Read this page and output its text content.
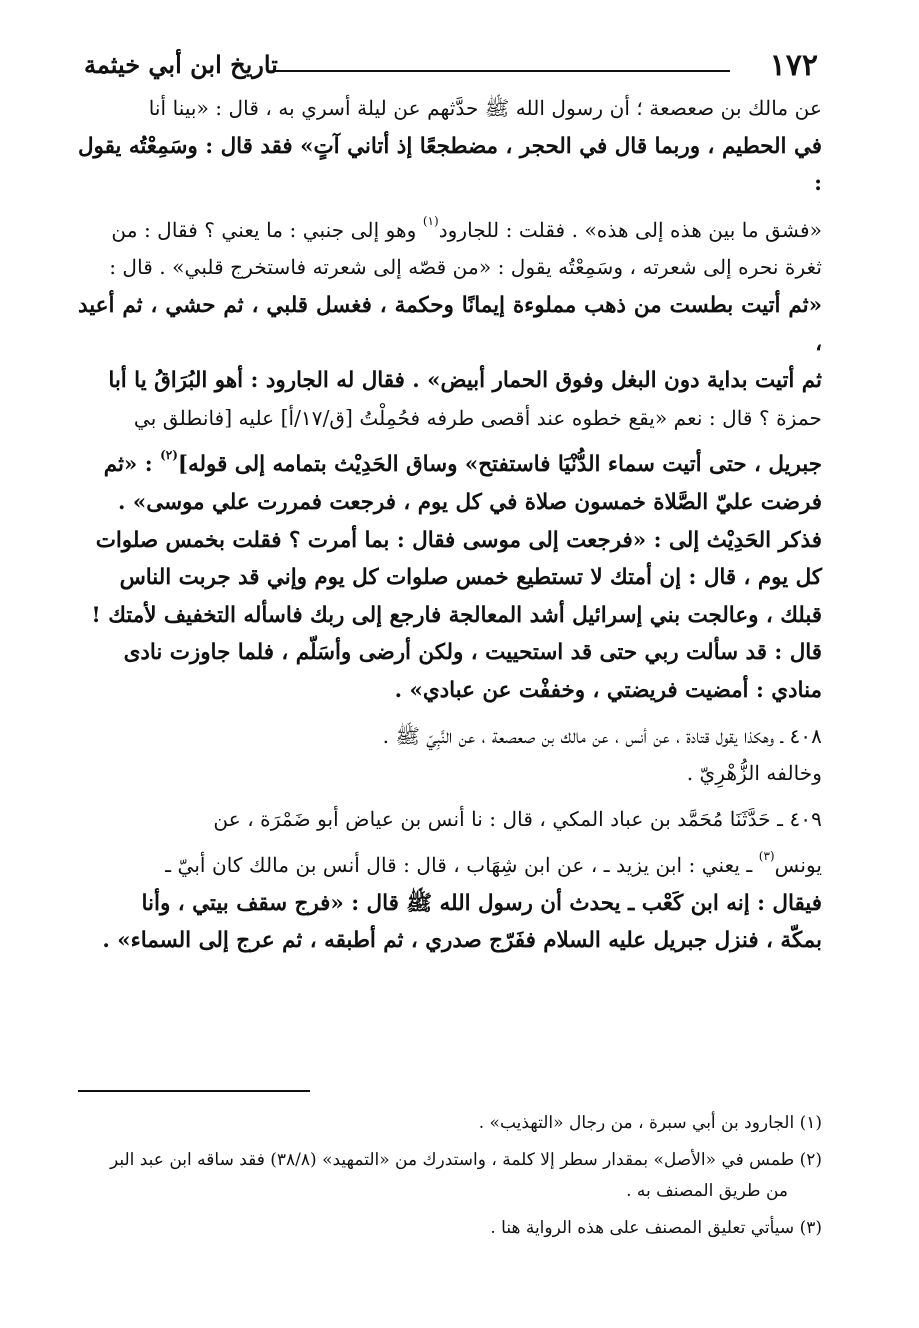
١٧٢
تاريخ ابن أبي خيثمة

عن مالك بن صعصعة ؛ أن رسول الله ﷺ حدَّثهم عن ليلة أسري به ، قال : «بينا أنا

في الحطيم ، وربما قال في الحجر ، مضطجعًا إذ أتاني آتٍ» فقد قال : وسَمِعْتُه يقول :

«فشق ما بين هذه إلى هذه» . فقلت : للجارود$^{(١)}$ وهو إلى جنبي : ما يعني ؟ فقال : من

ثغرة نحره إلى شعرته ، وسَمِعْتُه يقول : «من قصّه إلى شعرته فاستخرج قلبي» . قال :

«ثم أتيت بطست من ذهب مملوءة إيمانًا وحكمة ، فغسل قلبي ، ثم حشي ، ثم أعيد ،

ثم أتيت بداية دون البغل وفوق الحمار أبيض» . فقال له الجارود : أهو البُرَاقُ يا أبا

حمزة ؟ قال : نعم «يقع خطوه عند أقصى طرفه فحُمِلْتُ [ق/١٧/أ] عليه [فانطلق بي

جبريل ، حتى أتيت سماء الدُّنْيَا فاستفتح» وساق الحَدِيْث بتمامه إلى قوله]$^{(٢)}$ : «ثم

فرضت عليّ الصَّلاة خمسون صلاة في كل يوم ، فرجعت فمررت علي موسى» .

فذكر الحَدِيْث إلى : «فرجعت إلى موسى فقال : بما أمرت ؟ فقلت بخمس صلوات

كل يوم ، قال : إن أمتك لا تستطيع خمس صلوات كل يوم وإني قد جربت الناس

قبلك ، وعالجت بني إسرائيل أشد المعالجة فارجع إلى ربك فاسأله التخفيف لأمتك !

قال : قد سألت ربي حتى قد استحييت ، ولكن أرضى وأسَلّم ، فلما جاوزت نادى

منادي : أمضيت فريضتي ، وخففْت عن عبادي» .

٤٠٨ ـ وهكذا يقول قتادة ، عن أنس ، عن مالك بن صعصعة ، عن النَّبِيّ ﷺ .

وخالفه الزُّهْرِيّ .

٤٠٩ ـ حَدَّثَنَا مُحَمَّد بن عباد المكي ، قال : نا أنس بن عياض أبو ضَمْرَة ، عن

يونس$^{(٣)}$ ـ يعني : ابن يزيد ـ ، عن ابن شِهَاب ، قال : قال أنس بن مالك كان أبيّ ـ

فيقال : إنه ابن كَعْب ـ يحدث أن رسول الله ﷺ قال : «فرج سقف بيتي ، وأنا

بمكّة ، فنزل جبريل عليه السلام ففَرّج صدري ، ثم أطبقه ، ثم عرج إلى السماء» .

(١) الجارود بن أبي سبرة ، من رجال «التهذيب» .

(٢) طمس في «الأصل» بمقدار سطر إلا كلمة ، واستدرك من «التمهيد» (٣٨/٨) فقد ساقه ابن عبد البر

من طريق المصنف به .

(٣) سيأتي تعليق المصنف على هذه الرواية هنا .
